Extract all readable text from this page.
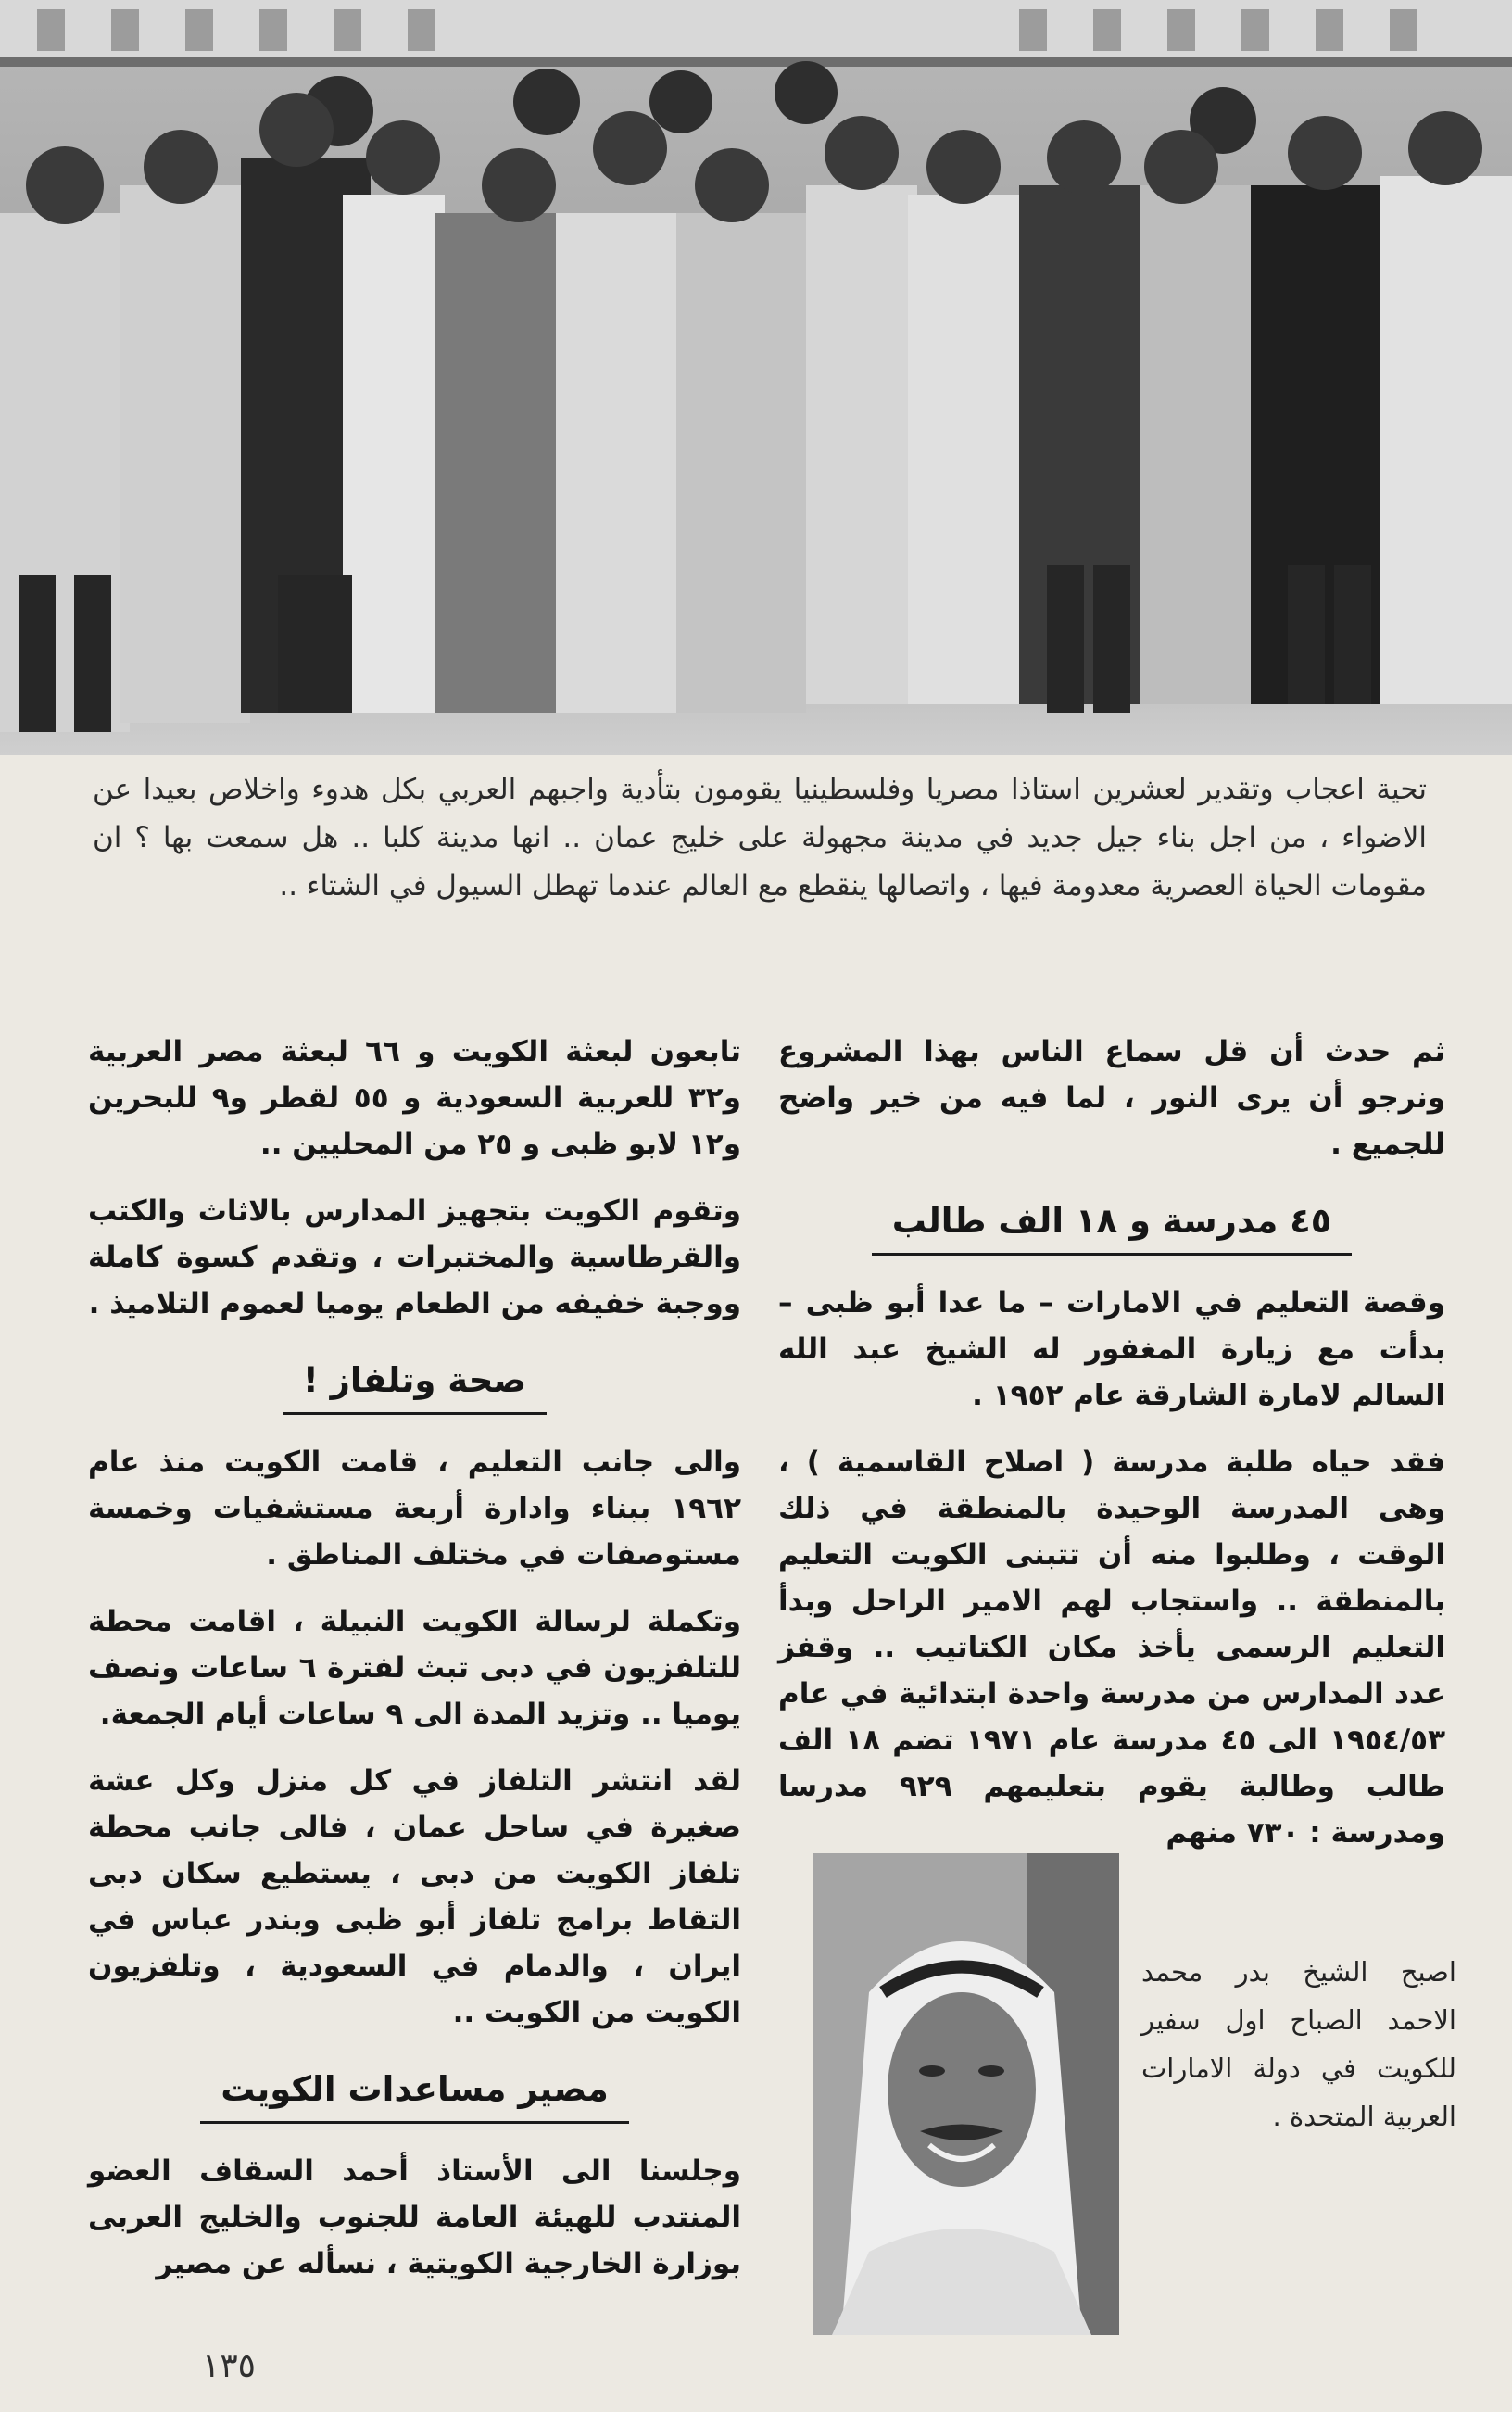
تحية اعجاب وتقدير لعشرين استاذا مصريا وفلسطينيا يقومون بتأدية واجبهم العربي بكل هدوء واخلاص بعيدا عن الاضواء ، من اجل بناء جيل جديد في مدينة مجهولة على خليج عمان .. انها مدينة كلبا .. هل سمعت بها ؟ ان مقومات الحياة العصرية معدومة فيها ، واتصالها ينقطع مع العالم عندما تهطل السيول في الشتاء ..

ثم حدث أن قل سماع الناس بهذا المشروع ونرجو أن يرى النور ، لما فيه من خير واضح للجميع .

٤٥ مدرسة و ١٨ الف طالب

وقصة التعليم في الامارات – ما عدا أبو ظبى – بدأت مع زيارة المغفور له الشيخ عبد الله السالم لامارة الشارقة عام ١٩٥٢ .

فقد حياه طلبة مدرسة ( اصلاح القاسمية ) ، وهى المدرسة الوحيدة بالمنطقة في ذلك الوقت ، وطلبوا منه أن تتبنى الكويت التعليم بالمنطقة .. واستجاب لهم الامير الراحل وبدأ التعليم الرسمى يأخذ مكان الكتاتيب .. وقفز عدد المدارس من مدرسة واحدة ابتدائية في عام ١٩٥٤/٥٣ الى ٤٥ مدرسة عام ١٩٧١ تضم ١٨ الف طالب وطالبة يقوم بتعليمهم ٩٢٩ مدرسا ومدرسة : ٧٣٠ منهم

تابعون لبعثة الكويت و ٦٦ لبعثة مصر العربية و٣٢ للعربية السعودية و ٥٥ لقطر و٩ للبحرين و١٢ لابو ظبى و ٢٥ من المحليين ..

وتقوم الكويت بتجهيز المدارس بالاثاث والكتب والقرطاسية والمختبرات ، وتقدم كسوة كاملة ووجبة خفيفه من الطعام يوميا لعموم التلاميذ .

صحة وتلفاز !

والى جانب التعليم ، قامت الكويت منذ عام ١٩٦٢ ببناء وادارة أربعة مستشفيات وخمسة مستوصفات في مختلف المناطق .

وتكملة لرسالة الكويت النبيلة ، اقامت محطة للتلفزيون في دبى تبث لفترة ٦ ساعات ونصف يوميا .. وتزيد المدة الى ٩ ساعات أيام الجمعة.

لقد انتشر التلفاز في كل منزل وكل عشة صغيرة في ساحل عمان ، فالى جانب محطة تلفاز الكويت من دبى ، يستطيع سكان دبى التقاط برامج تلفاز أبو ظبى وبندر عباس في ايران ، والدمام في السعودية ، وتلفزيون الكويت من الكويت ..

مصير مساعدات الكويت

وجلسنا الى الأستاذ أحمد السقاف العضو المنتدب للهيئة العامة للجنوب والخليج العربى بوزارة الخارجية الكويتية ، نسأله عن مصير

اصبح الشيخ بدر محمد الاحمد الصباح اول سفير للكويت في دولة الامارات العربية المتحدة .

١٣٥
